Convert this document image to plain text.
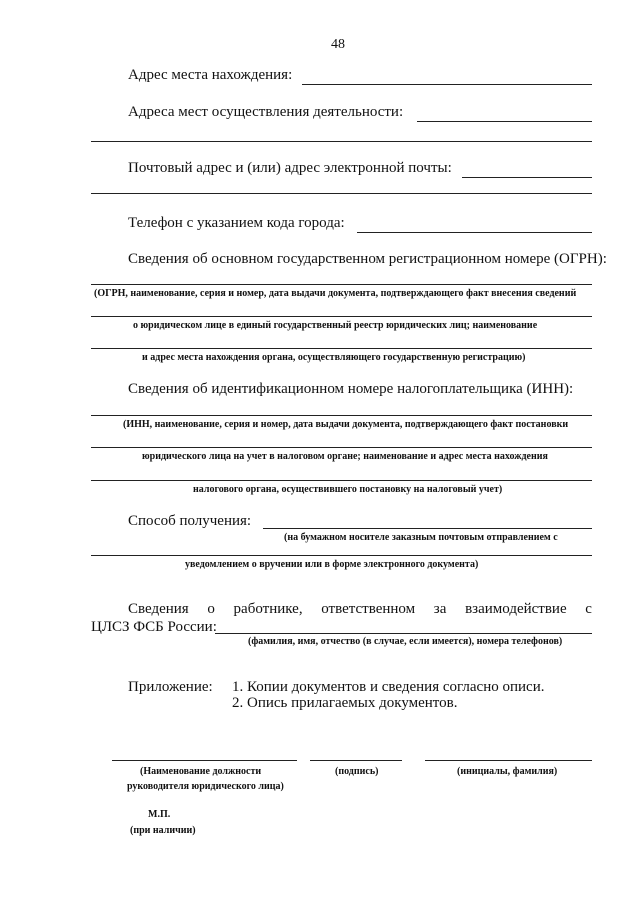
48
Адрес места нахождения:
Адреса мест осуществления деятельности:
Почтовый адрес и (или) адрес электронной почты:
Телефон с указанием кода города:
Сведения об основном государственном регистрационном номере (ОГРН):
(ОГРН, наименование, серия и номер, дата выдачи документа, подтверждающего факт внесения сведений
о юридическом лице в единый государственный реестр юридических лиц; наименование
и адрес места нахождения органа, осуществляющего государственную регистрацию)
Сведения об идентификационном номере налогоплательщика (ИНН):
(ИНН, наименование, серия и номер, дата выдачи документа, подтверждающего факт постановки
юридического лица на учет в налоговом органе; наименование и адрес места нахождения
налогового органа, осуществившего постановку на налоговый учет)
Способ получения:
(на бумажном носителе заказным почтовым отправлением с
уведомлением о вручении или в форме электронного документа)
Сведения о работнике, ответственном за взаимодействие с
ЦЛСЗ ФСБ России:
(фамилия, имя, отчество (в случае, если имеется), номера телефонов)
Приложение: 1. Копии документов и сведения согласно описи.
2. Опись прилагаемых документов.
(Наименование должности
руководителя юридического лица)
(подпись)	(инициалы, фамилия)
М.П.
(при наличии)
